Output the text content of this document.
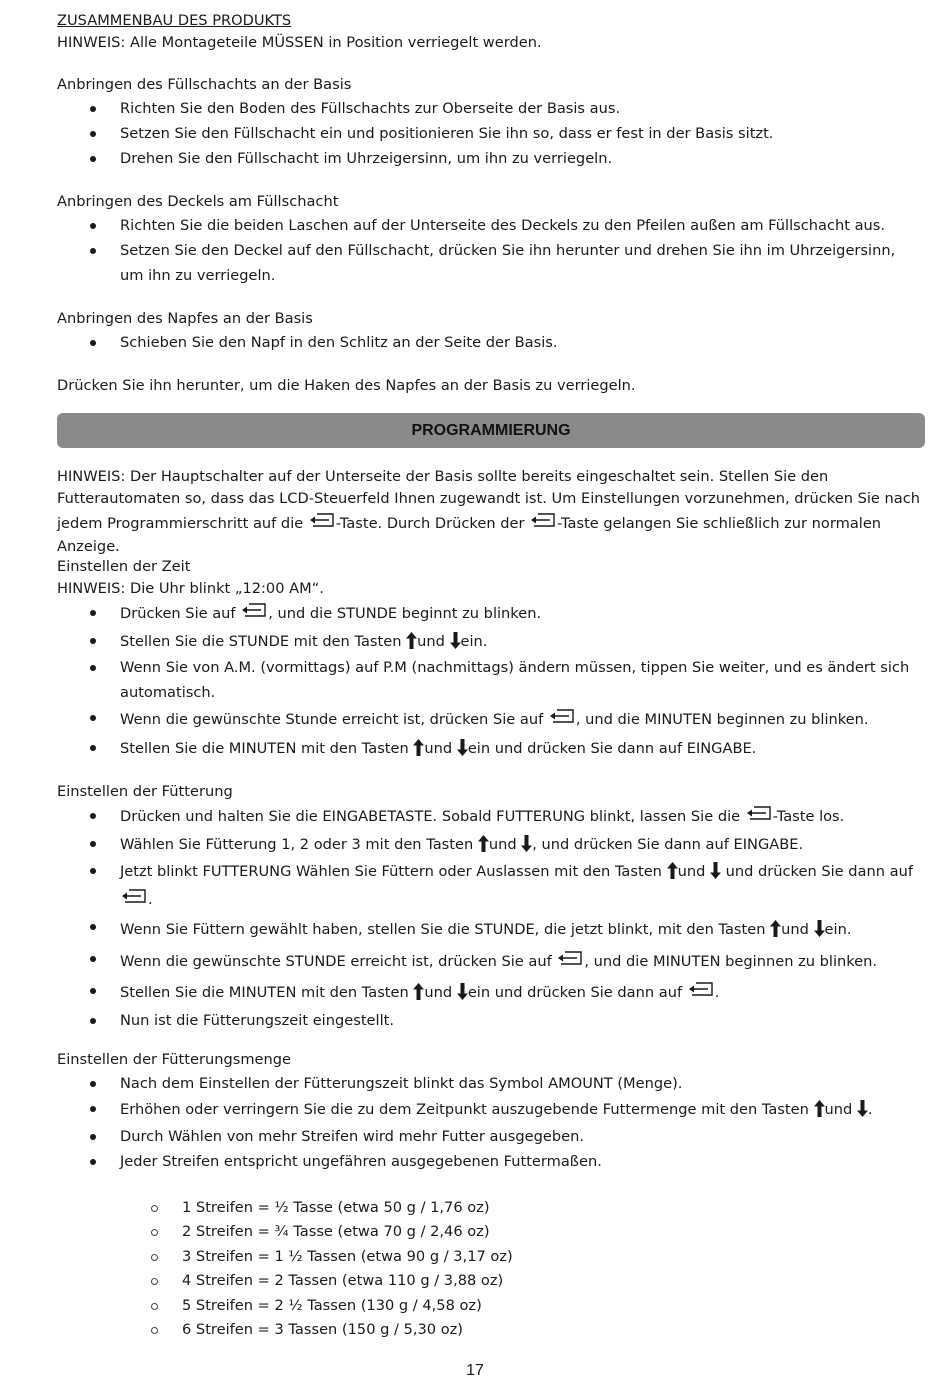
ZUSAMMENBAU DES PRODUKTS
HINWEIS: Alle Montageteile MÜSSEN in Position verriegelt werden.
Anbringen des Füllschachts an der Basis
Richten Sie den Boden des Füllschachts zur Oberseite der Basis aus.
Setzen Sie den Füllschacht ein und positionieren Sie ihn so, dass er fest in der Basis sitzt.
Drehen Sie den Füllschacht im Uhrzeigersinn, um ihn zu verriegeln.
Anbringen des Deckels am Füllschacht
Richten Sie die beiden Laschen auf der Unterseite des Deckels zu den Pfeilen außen am Füllschacht aus.
Setzen Sie den Deckel auf den Füllschacht, drücken Sie ihn herunter und drehen Sie ihn im Uhrzeigersinn, um ihn zu verriegeln.
Anbringen des Napfes an der Basis
Schieben Sie den Napf in den Schlitz an der Seite der Basis.
Drücken Sie ihn herunter, um die Haken des Napfes an der Basis zu verriegeln.
PROGRAMMIERUNG
HINWEIS: Der Hauptschalter auf der Unterseite der Basis sollte bereits eingeschaltet sein. Stellen Sie den
Futterautomaten so, dass das LCD-Steuerfeld Ihnen zugewandt ist. Um Einstellungen vorzunehmen, drücken Sie nach
jedem Programmierschritt auf die -Taste. Durch Drücken der -Taste gelangen Sie schließlich zur normalen
Anzeige.
Einstellen der Zeit
HINWEIS: Die Uhr blinkt „12:00 AM“.
Drücken Sie auf , und die STUNDE beginnt zu blinken.
Stellen Sie die STUNDE mit den Tasten und ein.
Wenn Sie von A.M. (vormittags) auf P.M (nachmittags) ändern müssen, tippen Sie weiter, und es ändert sich automatisch.
Wenn die gewünschte Stunde erreicht ist, drücken Sie auf , und die MINUTEN beginnen zu blinken.
Stellen Sie die MINUTEN mit den Tasten und ein und drücken Sie dann auf EINGABE.
Einstellen der Fütterung
Drücken und halten Sie die EINGABETASTE. Sobald FUTTERUNG blinkt, lassen Sie die -Taste los.
Wählen Sie Fütterung 1, 2 oder 3 mit den Tasten und , und drücken Sie dann auf EINGABE.
Jetzt blinkt FUTTERUNG Wählen Sie Füttern oder Auslassen mit den Tasten und  und drücken Sie dann auf
.
Wenn Sie Füttern gewählt haben, stellen Sie die STUNDE, die jetzt blinkt, mit den Tasten und ein.
Wenn die gewünschte STUNDE erreicht ist, drücken Sie auf , und die MINUTEN beginnen zu blinken.
Stellen Sie die MINUTEN mit den Tasten und ein und drücken Sie dann auf .
Nun ist die Fütterungszeit eingestellt.
Einstellen der Fütterungsmenge
Nach dem Einstellen der Fütterungszeit blinkt das Symbol AMOUNT (Menge).
Erhöhen oder verringern Sie die zu dem Zeitpunkt auszugebende Futtermenge mit den Tasten und .
Durch Wählen von mehr Streifen wird mehr Futter ausgegeben.
Jeder Streifen entspricht ungefähren ausgegebenen Futtermaßen.
1 Streifen = ½ Tasse (etwa 50 g / 1,76 oz)
2 Streifen = ¾ Tasse (etwa 70 g / 2,46 oz)
3 Streifen = 1 ½ Tassen (etwa 90 g / 3,17 oz)
4 Streifen = 2 Tassen (etwa 110 g / 3,88 oz)
5 Streifen = 2 ½ Tassen (130 g / 4,58 oz)
6 Streifen = 3 Tassen (150 g / 5,30 oz)
17
